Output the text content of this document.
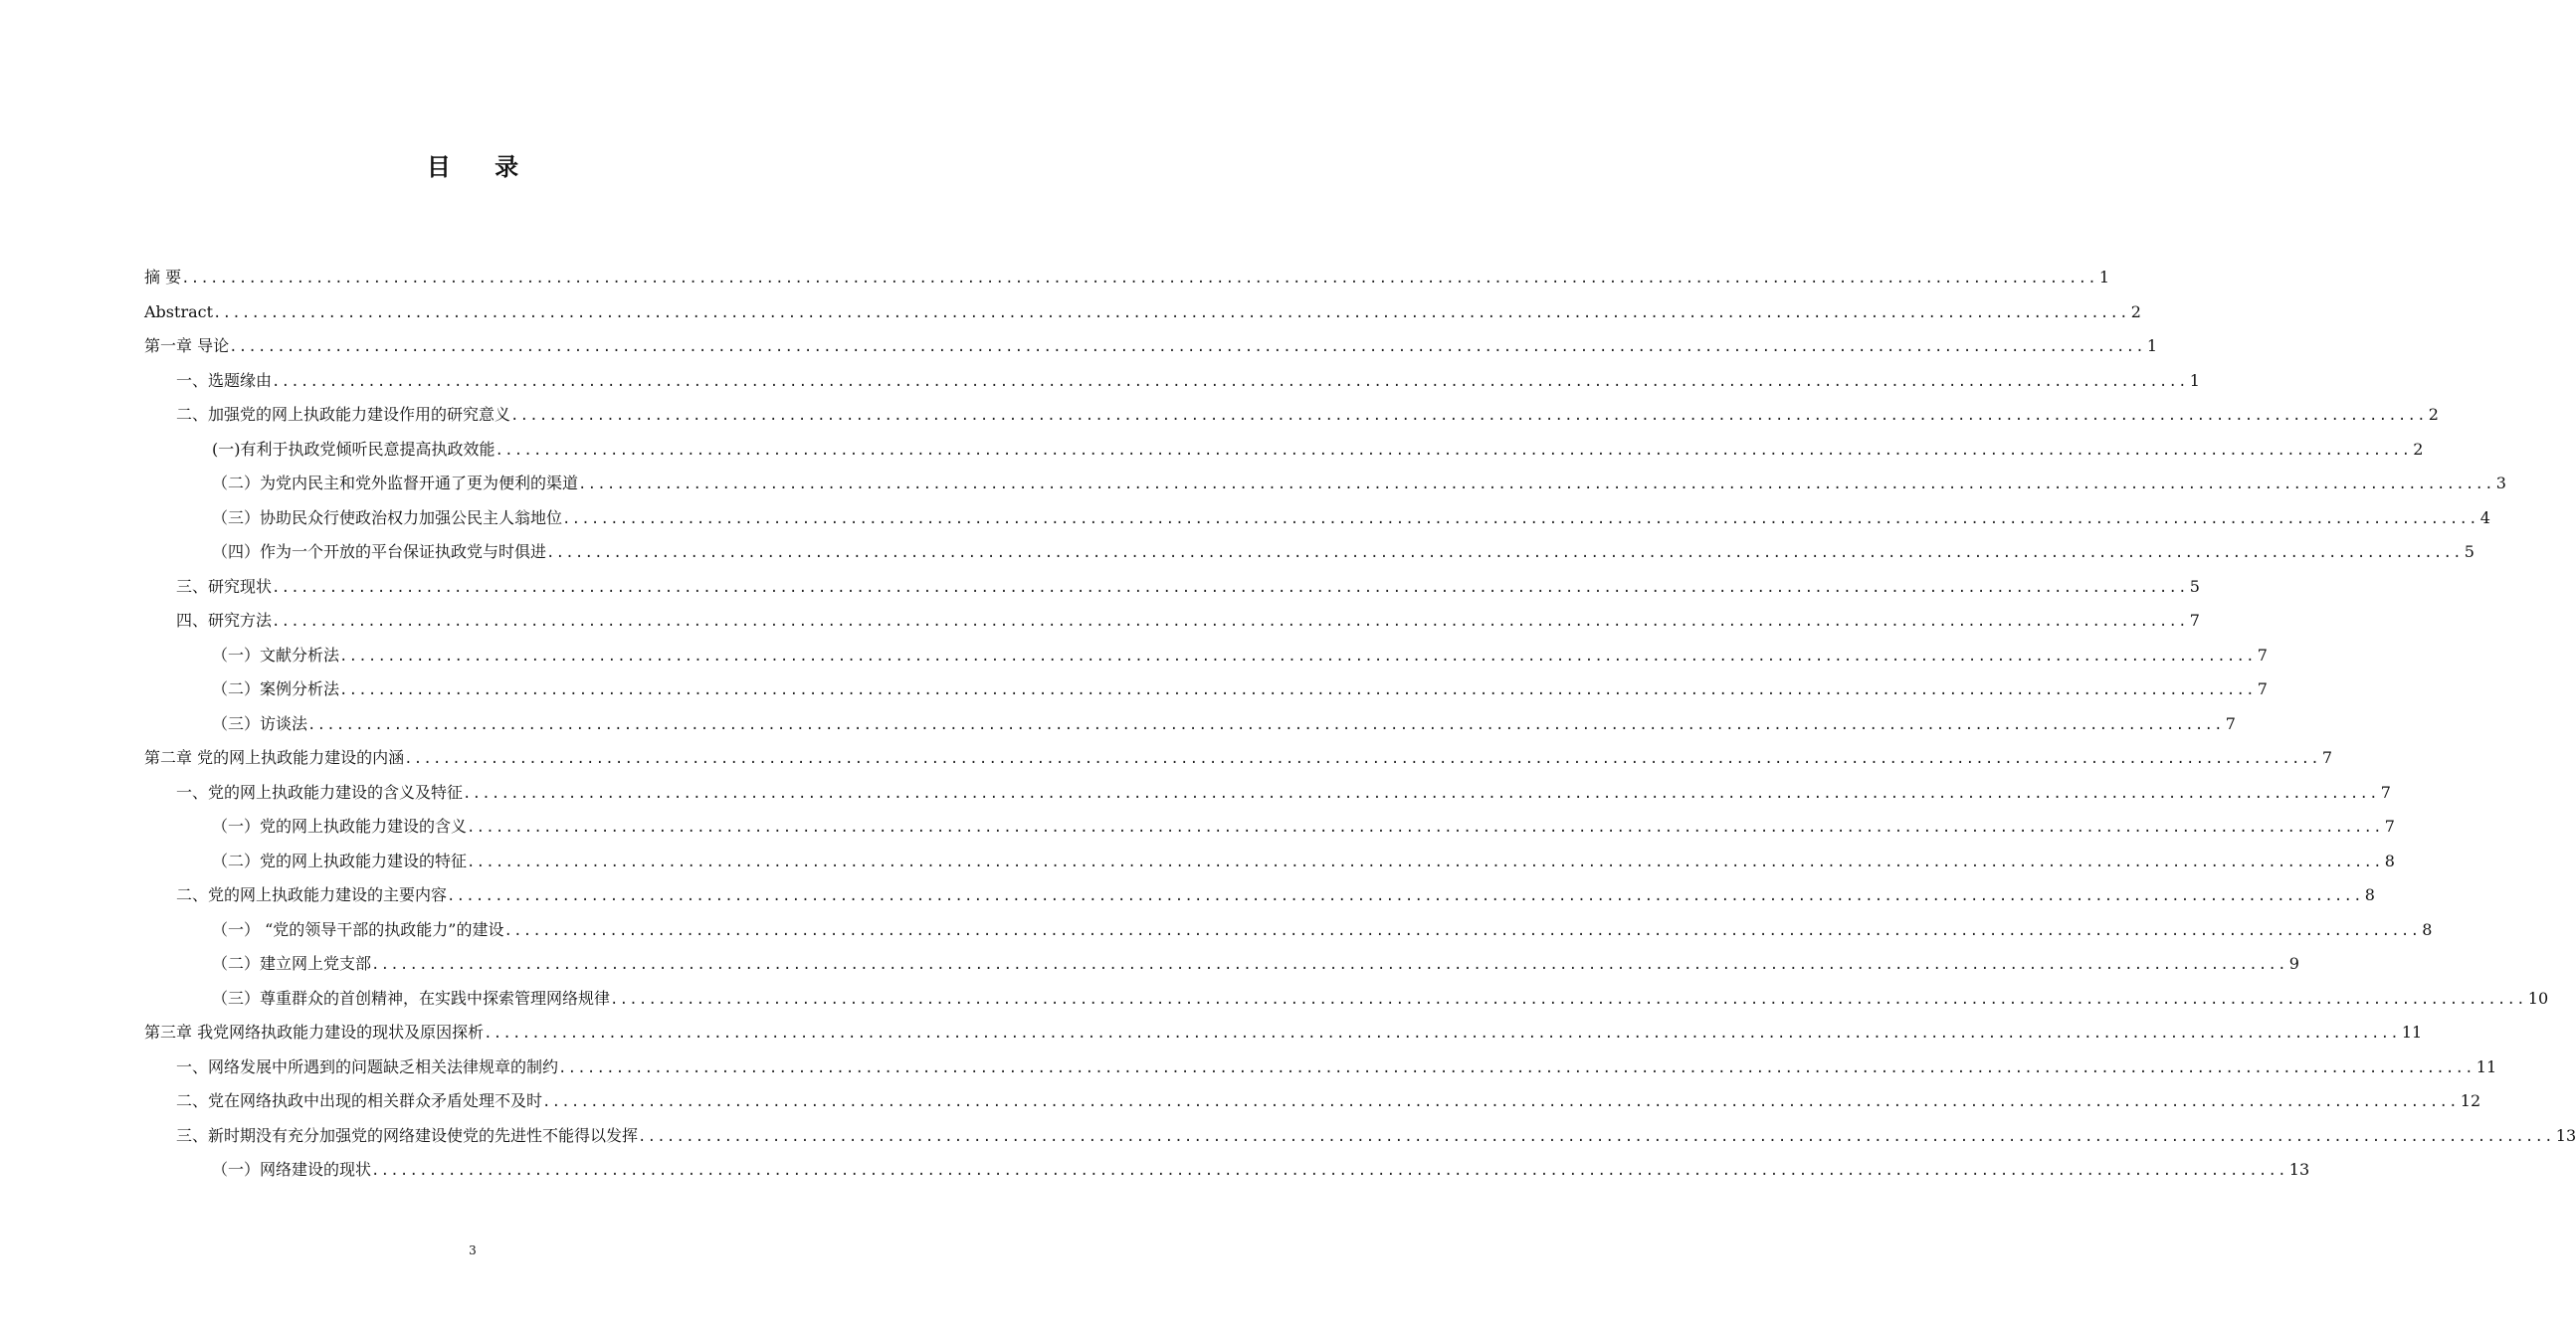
目 录
摘 要 ........................................................................................................................................................................................................ 1
Abstract ........................................................................................................................................................................................................ 2
第一章 导论 ........................................................................................................................................................................................................ 1
一、选题缘由 ........................................................................................................................................................................................................ 1
二、加强党的网上执政能力建设作用的研究意义 ........................................................................................................................................................................................................ 2
(一)有利于执政党倾听民意提高执政效能 ........................................................................................................................................................................................................ 2
（二）为党内民主和党外监督开通了更为便利的渠道 ........................................................................................................................................................................................................ 3
（三）协助民众行使政治权力加强公民主人翁地位 ........................................................................................................................................................................................................ 4
（四）作为一个开放的平台保证执政党与时俱进 ........................................................................................................................................................................................................ 5
三、研究现状 ........................................................................................................................................................................................................ 5
四、研究方法 ........................................................................................................................................................................................................ 7
（一）文献分析法 ........................................................................................................................................................................................................ 7
（二）案例分析法 ........................................................................................................................................................................................................ 7
（三）访谈法 ........................................................................................................................................................................................................ 7
第二章 党的网上执政能力建设的内涵 ........................................................................................................................................................................................................ 7
一、党的网上执政能力建设的含义及特征 ........................................................................................................................................................................................................ 7
（一）党的网上执政能力建设的含义 ........................................................................................................................................................................................................ 7
（二）党的网上执政能力建设的特征 ........................................................................................................................................................................................................ 8
二、党的网上执政能力建设的主要内容 ........................................................................................................................................................................................................ 8
（一） “党的领导干部的执政能力”的建设 ........................................................................................................................................................................................................ 8
（二）建立网上党支部 ........................................................................................................................................................................................................ 9
（三）尊重群众的首创精神，在实践中探索管理网络规律 ........................................................................................................................................................................................................ 10
第三章 我党网络执政能力建设的现状及原因探析 ........................................................................................................................................................................................................ 11
一、网络发展中所遇到的问题缺乏相关法律规章的制约 ........................................................................................................................................................................................................ 11
二、党在网络执政中出现的相关群众矛盾处理不及时 ........................................................................................................................................................................................................ 12
三、新时期没有充分加强党的网络建设使党的先进性不能得以发挥 ........................................................................................................................................................................................................ 13
（一）网络建设的现状 ........................................................................................................................................................................................................ 13
3
